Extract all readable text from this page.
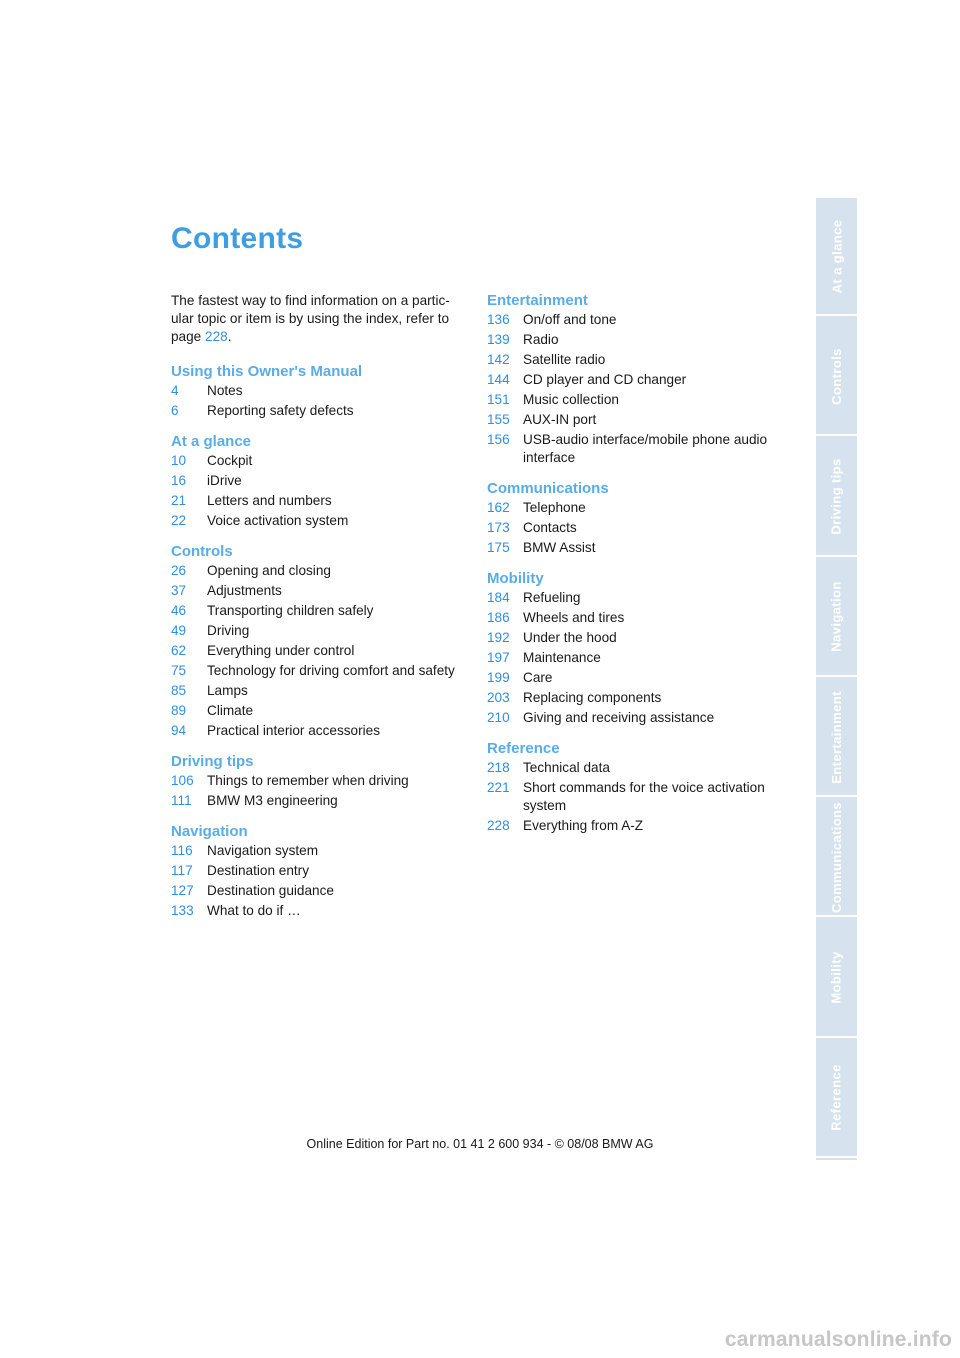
Contents
The fastest way to find information on a partic-ular topic or item is by using the index, refer to page 228.
Using this Owner's Manual
4	Notes
6	Reporting safety defects
At a glance
10	Cockpit
16	iDrive
21	Letters and numbers
22	Voice activation system
Controls
26	Opening and closing
37	Adjustments
46	Transporting children safely
49	Driving
62	Everything under control
75	Technology for driving comfort and safety
85	Lamps
89	Climate
94	Practical interior accessories
Driving tips
106 Things to remember when driving
111	BMW M3 engineering
Navigation
116	Navigation system
117	Destination entry
127 Destination guidance
133 What to do if …
Entertainment
136 On/off and tone
139 Radio
142 Satellite radio
144 CD player and CD changer
151 Music collection
155 AUX-IN port
156 USB-audio interface/mobile phone audio interface
Communications
162 Telephone
173 Contacts
175 BMW Assist
Mobility
184 Refueling
186 Wheels and tires
192 Under the hood
197 Maintenance
199 Care
203 Replacing components
210 Giving and receiving assistance
Reference
218 Technical data
221 Short commands for the voice activation system
228 Everything from A-Z
At a glance
Controls
Driving tips
Navigation
Entertainment
Communications
Mobility
Reference
Online Edition for Part no. 01 41 2 600 934 - © 08/08 BMW AG
carmanualsonline.info
